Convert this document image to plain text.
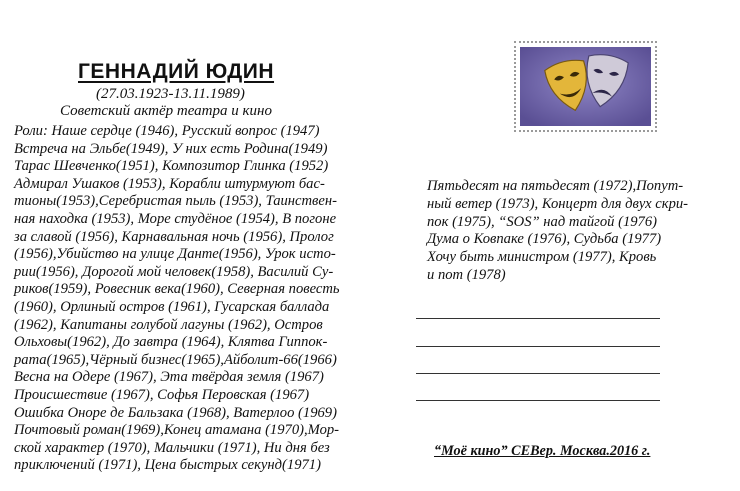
ГЕННАДИЙ ЮДИН
(27.03.1923-13.11.1989)
Советский актёр театра и кино
Роли: Наше сердце (1946), Русский вопрос (1947)
Встреча на Эльбе(1949), У них есть Родина(1949)
Тарас Шевченко(1951), Композитор Глинка (1952)
Адмирал Ушаков (1953), Корабли штурмуют бас-
тионы(1953),Серебристая пыль (1953), Таинствен-
ная находка (1953), Море студёное (1954), В погоне
за славой (1956), Карнавальная ночь (1956), Пролог
(1956),Убийство на улице Данте(1956), Урок исто-
рии(1956), Дорогой мой человек(1958), Василий Су-
риков(1959), Ровесник века(1960), Северная повесть
(1960), Орлиный остров (1961), Гусарская баллада
(1962), Капитаны голубой лагуны (1962), Остров
Ольховы(1962), До завтра (1964), Клятва Гиппок-
рата(1965),Чёрный бизнес(1965),Айболит-66(1966)
Весна на Одере (1967), Эта твёрдая земля (1967)
Происшествие (1967), Софья Перовская (1967)
Ошибка Оноре де Бальзака (1968), Ватерлоо (1969)
Почтовый роман(1969),Конец атамана (1970),Мор-
ской характер (1970), Мальчики (1971), Ни дня без
приключений (1971), Цена быстрых секунд(1971)
Пятьдесят на пятьдесят (1972),Попут-
ный ветер (1973), Концерт для двух скри-
пок (1975), “SOS” над тайгой (1976)
Дума о Ковпаке (1976), Судьба (1977)
Хочу быть министром (1977), Кровь
и пот (1978)
“Моё кино” СЕВер. Москва.2016 г.
